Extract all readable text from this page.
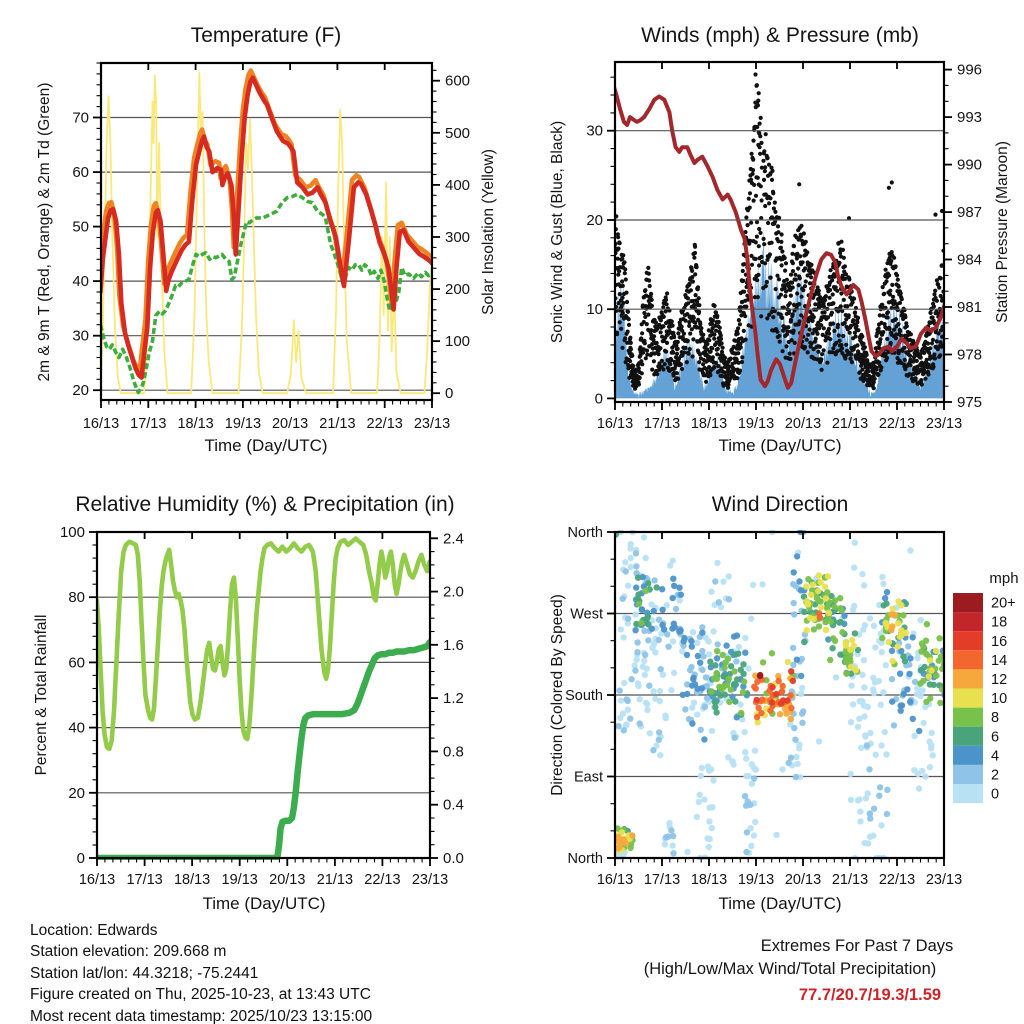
16/13 17/13 18/13 19/13 20/13 21/13 22/13 23/13
20
30
40
50
60
70
0
100
200
300
400
500
600
16/13 17/13 18/13 19/13 20/13 21/13 22/13 23/13
0
10
20
30
975
978
981
984
987
990
993
996
16/13 17/13 18/13 19/13 20/13 21/13 22/13 23/13
0
20
40
60
80
100
0.0
0.4
0.8
1.2
1.6
2.0
2.4
16/13 17/13 18/13 19/13 20/13 21/13 22/13 23/13
North
West
South
East
North
20+
18
16
14
12
10
8
6
4
2
0
Temperature (F)	Winds (mph) & Pressure (mb)
Relative Humidity (%) & Precipitation (in)	Wind Direction
2m & 9m T (Red, Orange) & 2m Td (Green)	Solar Insolation (Yellow)	Sonic Wind & Gust (Blue, Black)	Station Pressure (Maroon)
Percent & Total Rainfall	Direction (Colored By Speed)
Time (Day/UTC)	Time (Day/UTC)
Time (Day/UTC)	Time (Day/UTC)
mph
Location: Edwards
Station elevation: 209.668 m
Station lat/lon: 44.3218; -75.2441
Figure created on Thu, 2025-10-23, at 13:43 UTC
Most recent data timestamp: 2025/10/23 13:15:00
Extremes For Past 7 Days
(High/Low/Max Wind/Total Precipitation)
77.7/20.7/19.3/1.59
